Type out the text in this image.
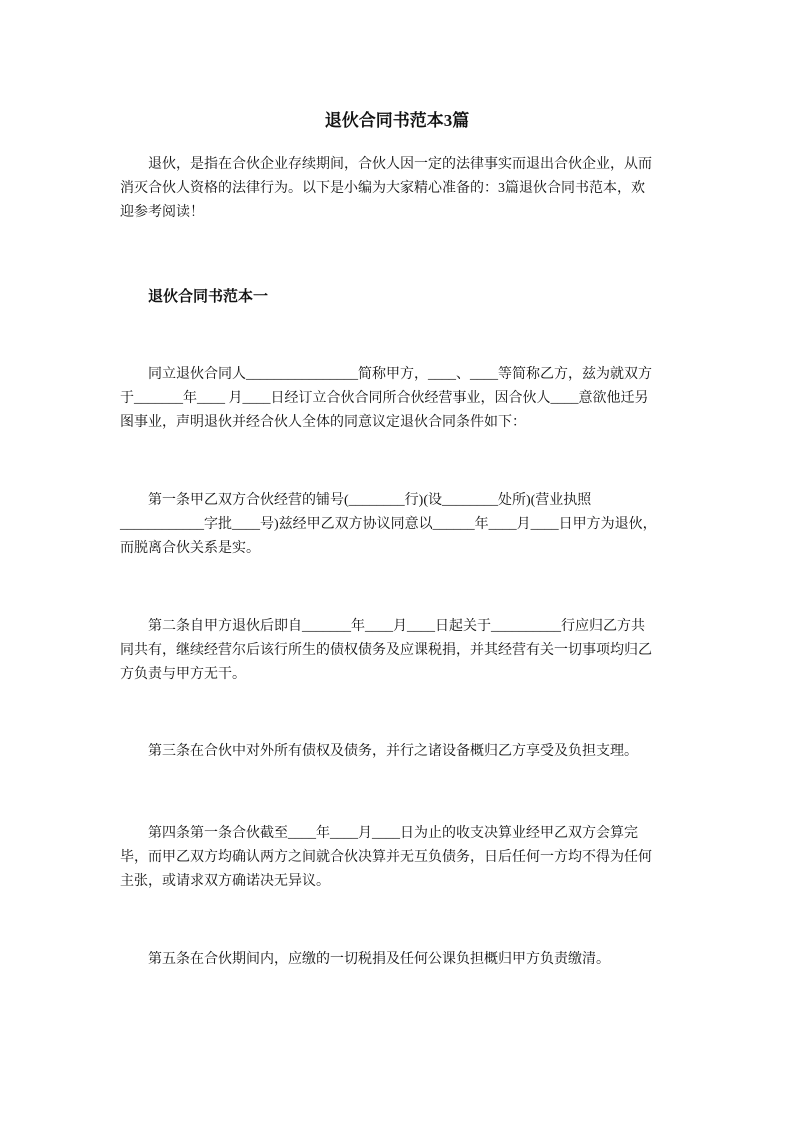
退伙合同书范本3篇
退伙，是指在合伙企业存续期间，合伙人因一定的法律事实而退出合伙企业，从而
消灭合伙人资格的法律行为。以下是小编为大家精心准备的：3篇退伙合同书范本，欢
迎参考阅读！
退伙合同书范本一
同立退伙合同人________________简称甲方，____、____等简称乙方，兹为就双方
于_______年____ 月____日经订立合伙合同所合伙经营事业，因合伙人____意欲他迁另
图事业，声明退伙并经合伙人全体的同意议定退伙合同条件如下：
第一条甲乙双方合伙经营的铺号(________行)(设________处所)(营业执照
____________字批____号)兹经甲乙双方协议同意以______年____月____日甲方为退伙，
而脱离合伙关系是实。
第二条自甲方退伙后即自_______年____月____日起关于__________行应归乙方共
同共有，继续经营尔后该行所生的债权债务及应课税捐，并其经营有关一切事项均归乙
方负责与甲方无干。
第三条在合伙中对外所有债权及债务，并行之诸设备概归乙方享受及负担支理。
第四条第一条合伙截至____年____月____日为止的收支决算业经甲乙双方会算完
毕，而甲乙双方均确认两方之间就合伙决算并无互负债务，日后任何一方均不得为任何
主张，或请求双方确诺决无异议。
第五条在合伙期间内，应缴的一切税捐及任何公课负担概归甲方负责缴清。
